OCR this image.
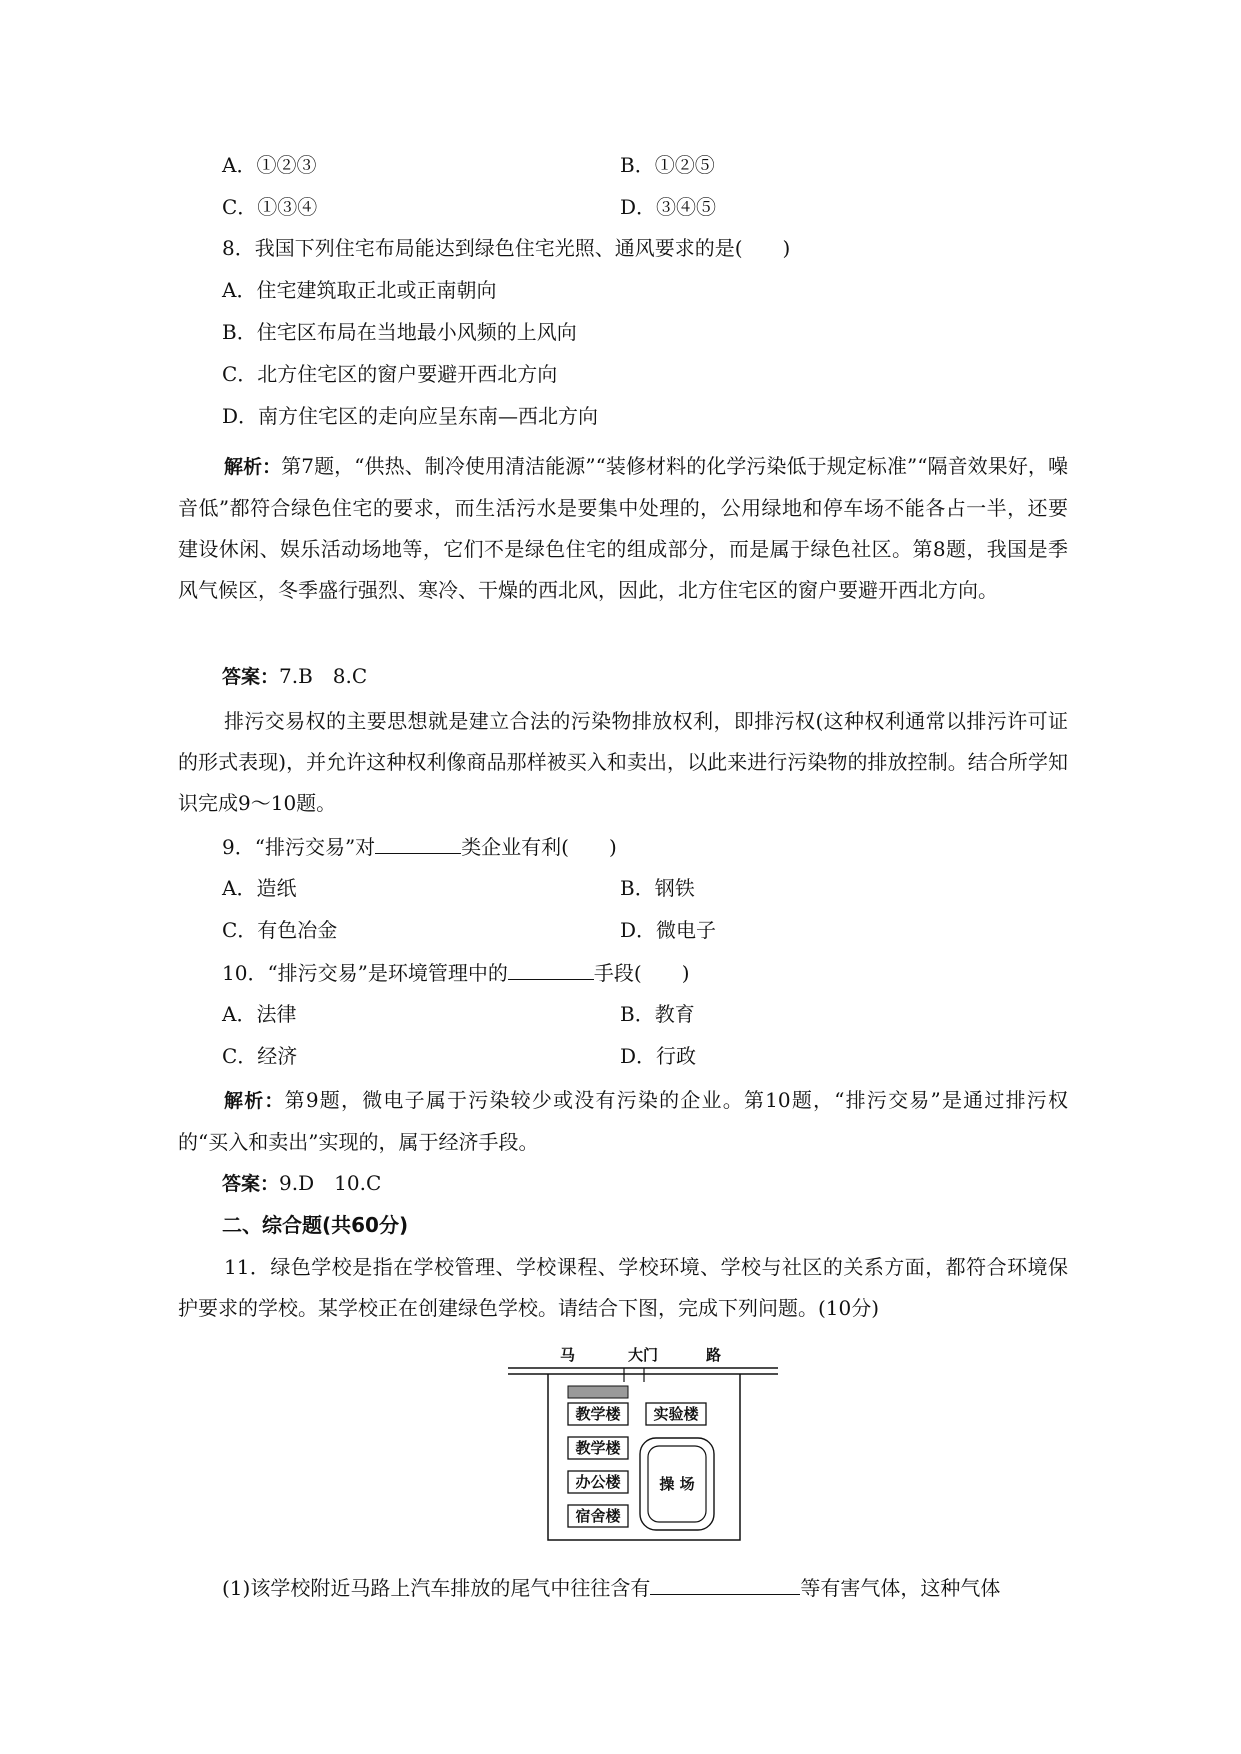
A．①②③	B．①②⑤
C．①③④	D．③④⑤
8．我国下列住宅布局能达到绿色住宅光照、通风要求的是(　　)
A．住宅建筑取正北或正南朝向
B．住宅区布局在当地最小风频的上风向
C．北方住宅区的窗户要避开西北方向
D．南方住宅区的走向应呈东南—西北方向
解析：第7题，“供热、制冷使用清洁能源”“装修材料的化学污染低于规定标准”“隔音效果好，噪音低”都符合绿色住宅的要求，而生活污水是要集中处理的，公用绿地和停车场不能各占一半，还要建设休闲、娱乐活动场地等，它们不是绿色住宅的组成部分，而是属于绿色社区。第8题，我国是季风气候区，冬季盛行强烈、寒冷、干燥的西北风，因此，北方住宅区的窗户要避开西北方向。
答案：7.B　8.C
排污交易权的主要思想就是建立合法的污染物排放权利，即排污权(这种权利通常以排污许可证的形式表现)，并允许这种权利像商品那样被买入和卖出，以此来进行污染物的排放控制。结合所学知识完成9～10题。
9．“排污交易”对	类企业有利(　　)
A．造纸	B．钢铁
C．有色冶金	D．微电子
10．“排污交易”是环境管理中的	手段(　　)
A．法律	B．教育
C．经济	D．行政
解析：第9题，微电子属于污染较少或没有污染的企业。第10题，“排污交易”是通过排污权的“买入和卖出”实现的，属于经济手段。
答案：9.D　10.C
二、综合题(共60分)
11．绿色学校是指在学校管理、学校课程、学校环境、学校与社区的关系方面，都符合环境保护要求的学校。某学校正在创建绿色学校。请结合下图，完成下列问题。(10分)
马	大门	路
教学楼 实验楼
教学楼
办公楼
宿舍楼
操 场
(1)该学校附近马路上汽车排放的尾气中往往含有	等有害气体，这种气体
